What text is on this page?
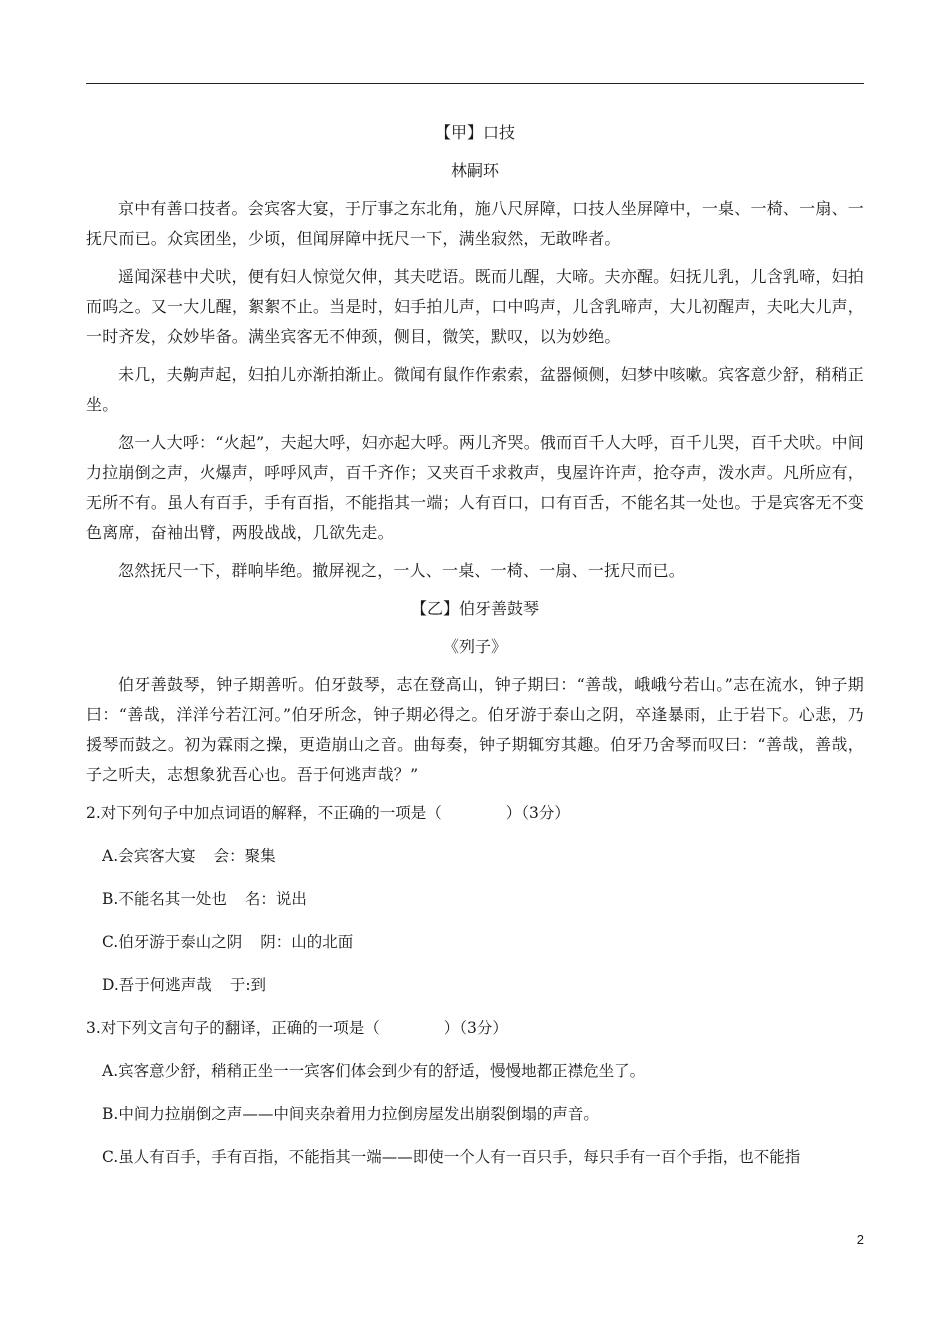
【甲】口技

林嗣环

京中有善口技者。会宾客大宴，于厅事之东北角，施八尺屏障，口技人坐屏障中，一桌、一椅、一扇、一抚尺而已。众宾团坐，少顷，但闻屏障中抚尺一下，满坐寂然，无敢哗者。

遥闻深巷中犬吠，便有妇人惊觉欠伸，其夫呓语。既而儿醒，大啼。夫亦醒。妇抚儿乳，儿含乳啼，妇拍而呜之。又一大儿醒，絮絮不止。当是时，妇手拍儿声，口中呜声，儿含乳啼声，大儿初醒声，夫叱大儿声，一时齐发，众妙毕备。满坐宾客无不伸颈，侧目，微笑，默叹，以为妙绝。

未几，夫齁声起，妇拍儿亦渐拍渐止。微闻有鼠作作索索，盆器倾侧，妇梦中咳嗽。宾客意少舒，稍稍正坐。

忽一人大呼：“火起”，夫起大呼，妇亦起大呼。两儿齐哭。俄而百千人大呼，百千儿哭，百千犬吠。中间力拉崩倒之声，火爆声，呼呼风声，百千齐作；又夹百千求救声，曳屋许许声，抢夺声，泼水声。凡所应有，无所不有。虽人有百手，手有百指，不能指其一端；人有百口，口有百舌，不能名其一处也。于是宾客无不变色离席，奋袖出臂，两股战战，几欲先走。

忽然抚尺一下，群响毕绝。撤屏视之，一人、一桌、一椅、一扇、一抚尺而已。

【乙】伯牙善鼓琴

《列子》

伯牙善鼓琴，钟子期善听。伯牙鼓琴，志在登高山，钟子期曰：“善哉，峨峨兮若山。”志在流水，钟子期曰：“善哉，洋洋兮若江河。”伯牙所念，钟子期必得之。伯牙游于泰山之阴，卒逢暴雨，止于岩下。心悲，乃援琴而鼓之。初为霖雨之操，更造崩山之音。曲每奏，钟子期辄穷其趣。伯牙乃舍琴而叹曰：“善哉，善哉，子之听夫，志想象犹吾心也。吾于何逃声哉？”

2.对下列句子中加点词语的解释，不正确的一项是（	）（3分）

A.会宾客大宴 会：聚集

B.不能名其一处也 名：说出

C.伯牙游于泰山之阴 阴：山的北面

D.吾于何逃声哉 于:到

3.对下列文言句子的翻译，正确的一项是（	）（3分）

A.宾客意少舒，稍稍正坐一一宾客们体会到少有的舒适，慢慢地都正襟危坐了。

B.中间力拉崩倒之声——中间夹杂着用力拉倒房屋发出崩裂倒塌的声音。

C.虽人有百手，手有百指，不能指其一端——即使一个人有一百只手，每只手有一百个手指，也不能指

2
